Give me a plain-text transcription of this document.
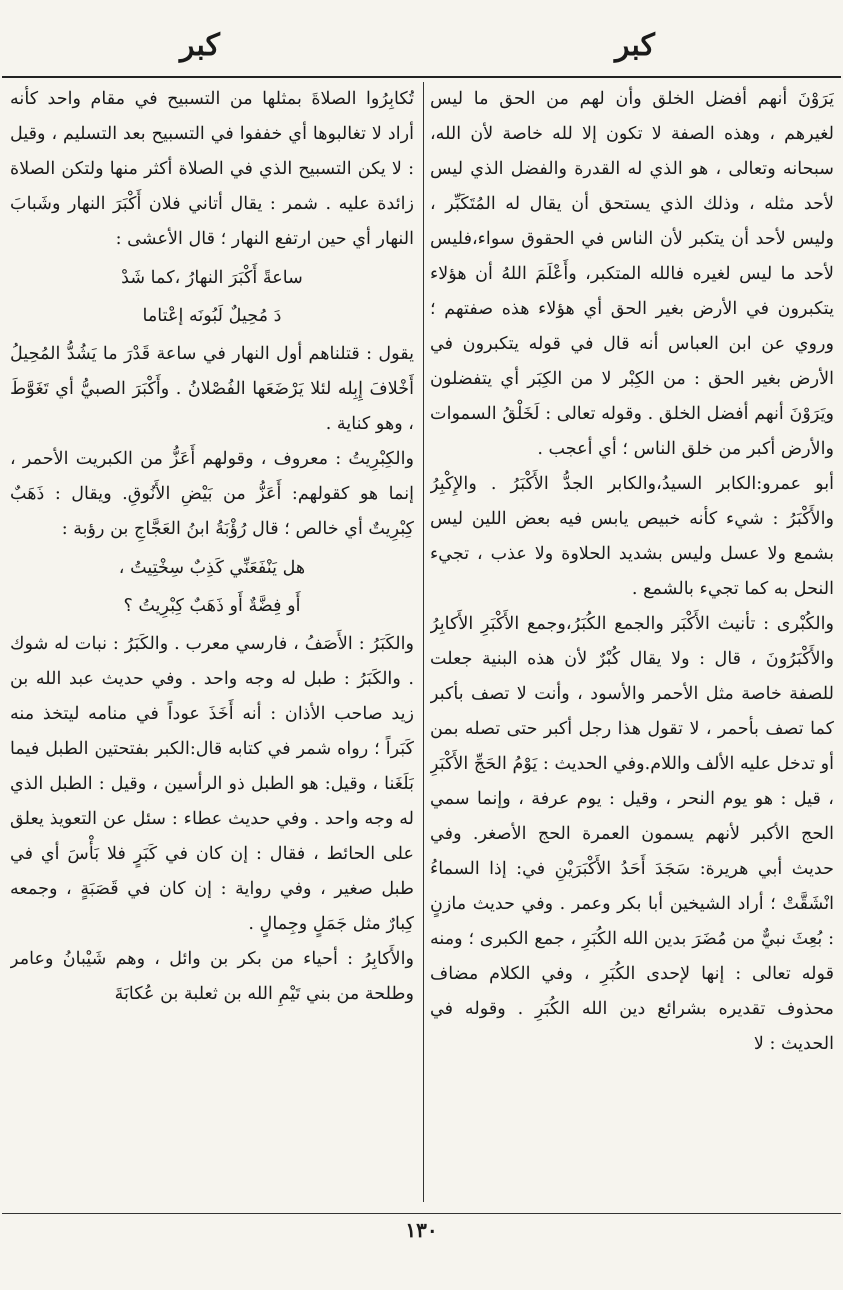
كبر	كبر

يَرَوْنَ أنهم أفضل الخلق وأن لهم من الحق ما ليس لغيرهم ، وهذه الصفة لا تكون إلا لله خاصة لأن الله، سبحانه وتعالى ، هو الذي له القدرة والفضل الذي ليس لأحد مثله ، وذلك الذي يستحق أن يقال له المُتَكَبِّر ، وليس لأحد أن يتكبر لأن الناس في الحقوق سواء،فليس لأحد ما ليس لغيره فالله المتكبر، وأَعْلَمَ اللهُ أن هؤلاء يتكبرون في الأرض بغير الحق أي هؤلاء هذه صفتهم ؛ وروي عن ابن العباس أنه قال في قوله يتكبرون في الأرض بغير الحق : من الكِبْر لا من الكِبَر أي يتفضلون ويَرَوْنَ أنهم أفضل الخلق . وقوله تعالى : لَخَلْقُ السموات والأرض أكبر من خلق الناس ؛ أي أعجب .

أبو عمرو:الكابر السيدُ،والكابر الجدُّ الأَكْبَرُ . والإِكْبِرُ والأَكْبَرُ : شيء كأنه خبيص يابس فيه بعض اللين ليس بشمع ولا عسل وليس بشديد الحلاوة ولا عذب ، تجيء النحل به كما تجيء بالشمع .

والكُبْرى : تأنيث الأَكْبَر والجمع الكُبَرُ،وجمع الأَكْبَرِ الأَكابِرُ والأَكْبَرُونَ ، قال : ولا يقال كُبْرٌ لأن هذه البنية جعلت للصفة خاصة مثل الأحمر والأسود ، وأنت لا تصف بأكبر كما تصف بأحمر ، لا تقول هذا رجل أكبر حتى تصله بمن أو تدخل عليه الألف واللام.وفي الحديث : يَوْمُ الحَجِّ الأَكْبَرِ ، قيل : هو يوم النحر ، وقيل : يوم عرفة ، وإنما سمي الحج الأكبر لأنهم يسمون العمرة الحج الأصغر. وفي حديث أبي هريرة: سَجَدَ أَحَدُ الأَكْبَرَيْنِ في: إذا السماءُ انْشَقَّتْ ؛ أراد الشيخين أبا بكر وعمر . وفي حديث مازنٍ : بُعِثَ نبيٌّ من مُضَرَ بدين الله الكُبَرِ ، جمع الكبرى ؛ ومنه قوله تعالى : إنها لإحدى الكُبَرِ ، وفي الكلام مضاف محذوف تقديره بشرائع دين الله الكُبَرِ . وقوله في الحديث : لا

تُكابِرُوا الصلاةَ بمثلها من التسبيح في مقام واحد كأنه أراد لا تغالبوها أي خففوا في التسبيح بعد التسليم ، وقيل : لا يكن التسبيح الذي في الصلاة أكثر منها ولتكن الصلاة زائدة عليه . شمر : يقال أتاني فلان أَكْبَرَ النهار وشَبابَ النهار أي حين ارتفع النهار ؛ قال الأعشى :

ساعةً أَكْبَرَ النهارُ ،كما شَدْ

دَ مُحِيلٌ لَبُونَه إعْتاما

يقول : قتلناهم أول النهار في ساعة قَدْرَ ما يَشُدُّ المُحِيلُ أَخْلافَ إِبِله لئلا يَرْضَعَها الفُصْلانُ . وأَكْبَرَ الصبيُّ أي تَغَوَّطَ ، وهو كناية .

والكِبْرِيتُ : معروف ، وقولهم أَعَزُّ من الكبريت الأحمر ، إنما هو كقولهم: أَعَزُّ من بَيْضِ الأَنُوقِ. ويقال : ذَهَبٌ كِبْرِيتٌ أي خالص ؛ قال رُؤْبَةُ ابنُ العَجَّاجِ بن رؤبة :

هل يَنْفَعَنِّي كَذِبٌ سِخْتِيتُ ،

أَو فِضَّةٌ أَو ذَهَبٌ كِبْرِيتُ ؟

والكَبَرُ : الأَصَفُ ، فارسي معرب . والكَبَرُ : نبات له شوك . والكَبَرُ : طبل له وجه واحد . وفي حديث عبد الله بن زيد صاحب الأذان : أنه أَخَذَ عوداً في منامه ليتخذ منه كَبَراً ؛ رواه شمر في كتابه قال:الكبر بفتحتين الطبل فيما بَلَغَنا ، وقيل: هو الطبل ذو الرأسين ، وقيل : الطبل الذي له وجه واحد . وفي حديث عطاء : سئل عن التعويذ يعلق على الحائط ، فقال : إن كان في كَبَرٍ فلا بَأْسَ أي في طبل صغير ، وفي رواية : إن كان في قَصَبَةٍ ، وجمعه كِبارٌ مثل جَمَلٍ وجِمالٍ .

والأَكابِرُ : أحياء من بكر بن وائل ، وهم شَيْبانُ وعامر وطلحة من بني تَيْمِ الله بن ثعلبة بن عُكابَةَ

١٣٠
